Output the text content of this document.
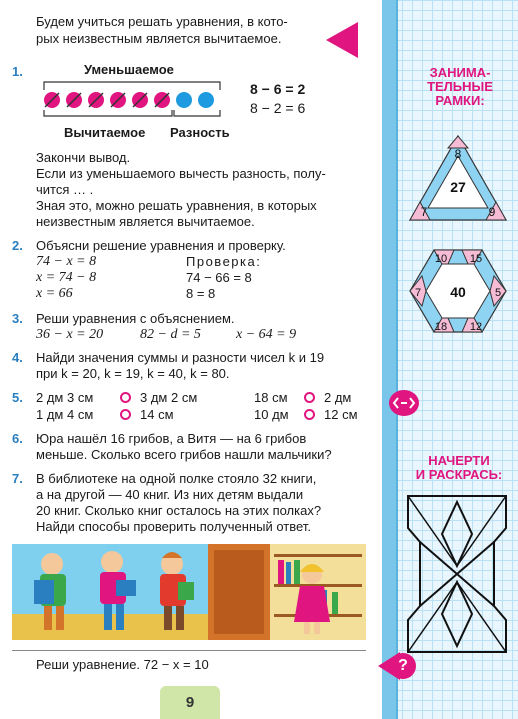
Будем учиться решать уравнения, в кото-
рых неизвестным является вычитаемое.
1.	Уменьшаемое
Вычитаемое Разность
8 − 6 = 2
8 − 2 = 6
Закончи вывод.
Если из уменьшаемого вычесть разность, полу-
чится … .
Зная это, можно решать уравнения, в которых
неизвестным является вычитаемое.
2. Объясни решение уравнения и проверку.
74 − x = 8
x = 74 − 8
x = 66
Проверка:
74 − 66 = 8
8 = 8
3. Реши уравнения с объяснением.
36 − x = 20	82 − d = 5	x − 64 = 9
4. Найди значения суммы и разности чисел k и 19
при k = 20, k = 19, k = 40, k = 80.
5. 2 дм 3 см	3 дм 2 см	18 см	2 дм
1 дм 4 см	14 см	10 дм	12 см
6. Юра нашёл 16 грибов, а Витя — на 6 грибов
меньше. Сколько всего грибов нашли мальчики?
7. В библиотеке на одной полке стояло 32 книги,
а на другой — 40 книг. Из них детям выдали
20 книг. Сколько книг осталось на этих полках?
Найди способы проверить полученный ответ.
Реши уравнение. 72 − x = 10
9
ЗАНИМА-
ТЕЛЬНЫЕ
РАМКИ:
27
8
7	9
40
10 15
7	5
18 12
НАЧЕРТИ
И РАСКРАСЬ:
?
